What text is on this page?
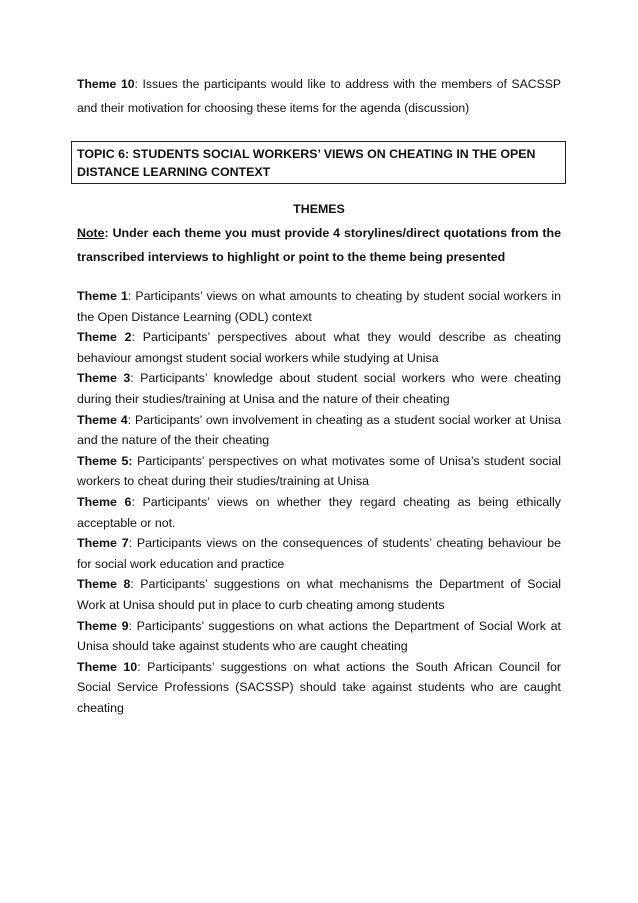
Theme 10: Issues the participants would like to address with the members of SACSSP and their motivation for choosing these items for the agenda (discussion)

TOPIC 6: STUDENTS SOCIAL WORKERS’ VIEWS ON CHEATING IN THE OPEN DISTANCE LEARNING CONTEXT
THEMES

Note: Under each theme you must provide 4 storylines/direct quotations from the transcribed interviews to highlight or point to the theme being presented

Theme 1: Participants’ views on what amounts to cheating by student social workers in the Open Distance Learning (ODL) context

Theme 2: Participants’ perspectives about what they would describe as cheating behaviour amongst student social workers while studying at Unisa

Theme 3: Participants’ knowledge about student social workers who were cheating during their studies/training at Unisa and the nature of their cheating

Theme 4: Participants’ own involvement in cheating as a student social worker at Unisa and the nature of the their cheating

Theme 5: Participants’ perspectives on what motivates some of Unisa’s student social workers to cheat during their studies/training at Unisa

Theme 6: Participants’ views on whether they regard cheating as being ethically acceptable or not.

Theme 7: Participants views on the consequences of students’ cheating behaviour be for social work education and practice

Theme 8: Participants’ suggestions on what mechanisms the Department of Social Work at Unisa should put in place to curb cheating among students

Theme 9: Participants’ suggestions on what actions the Department of Social Work at Unisa should take against students who are caught cheating

Theme 10: Participants’ suggestions on what actions the South African Council for Social Service Professions (SACSSP) should take against students who are caught cheating
